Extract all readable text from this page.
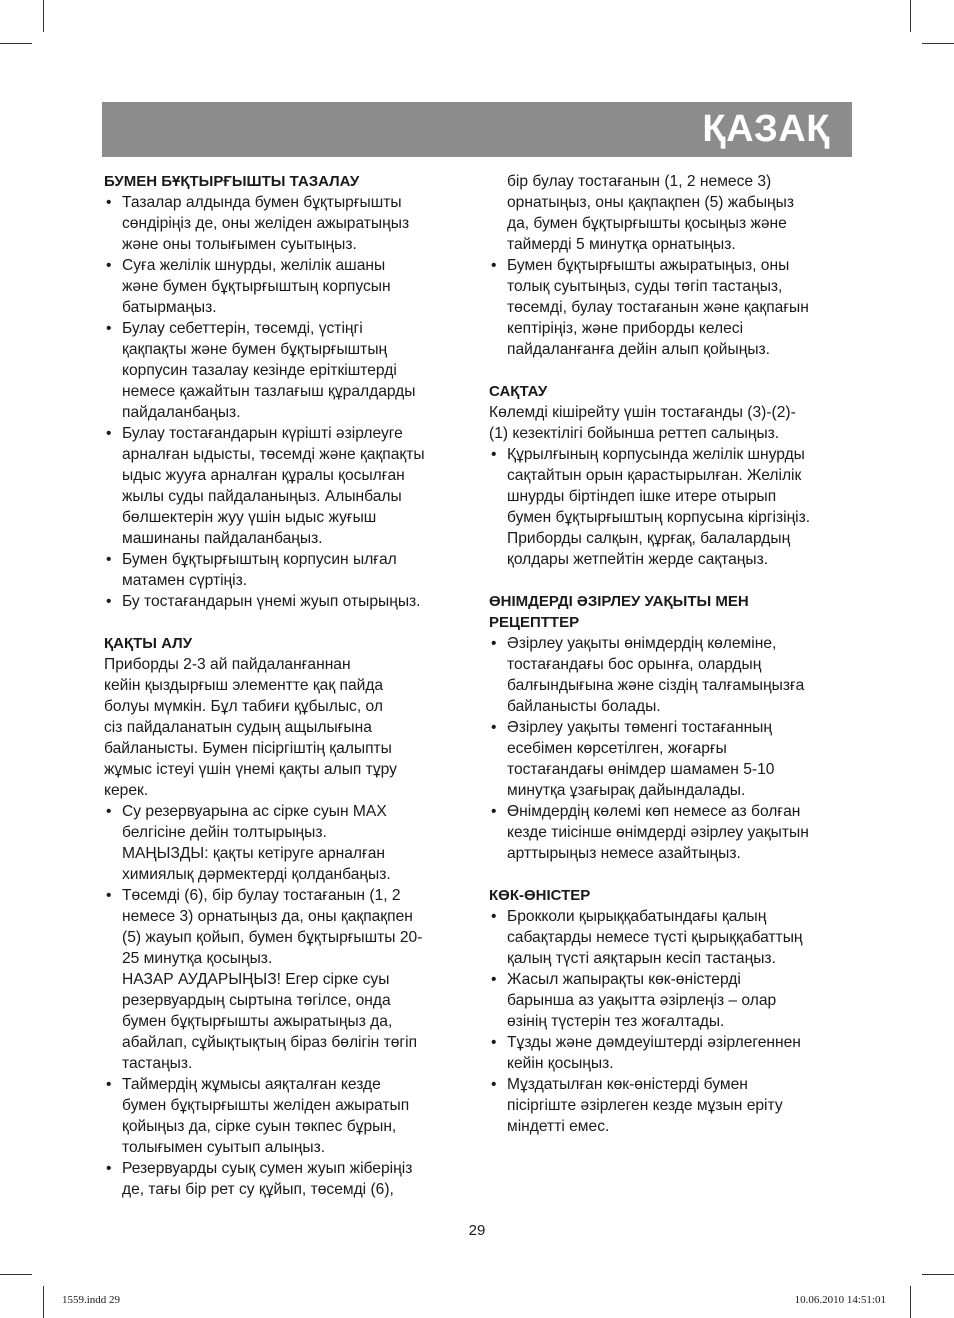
ҚАЗАҚ

БУМЕН БҰҚТЫРҒЫШТЫ ТАЗАЛАУ

• Тазалар алдында бумен бұқтырғышты
сөндіріңіз де, оны желіден ажыратыңыз
және оны толығымен суытыңыз.
• Суға желілік шнурды, желілік ашаны
және бумен бұқтырғыштың корпусын
батырмаңыз.
• Булау себеттерін, төсемді, үстіңгі
қақпақты және бумен бұқтырғыштың
корпусин тазалау кезінде еріткіштерді
немесе қажайтын тазлағыш құралдарды
пайдаланбаңыз.
• Булау тостағандарын күрішті әзірлеуге
арналған ыдысты, төсемді және қақпақты
ыдыс жууға арналған құралы қосылған
жылы суды пайдаланыңыз. Алынбалы
бөлшектерін жуу үшін ыдыс жуғыш
машинаны пайдаланбаңыз.
• Бумен бұқтырғыштың корпусин ылғал
матамен сүртіңіз.
• Бу тостағандарын үнемі жуып отырыңыз.

ҚАҚТЫ АЛУ

Приборды 2-3 ай пайдаланғаннан
кейін қыздырғыш элементте қақ пайда
болуы мүмкін. Бұл табиғи құбылыс, ол
сіз пайдаланатын судың ащылығына
байланысты. Бумен пісіргіштің қалыпты
жұмыс істеуі үшін үнемі қақты алып тұру
керек.
• Су резервуарына ас сірке суын MAX
белгісіне дейін толтырыңыз.
МАҢЫЗДЫ: қақты кетіруге арналған
химиялық дәрмектерді қолданбаңыз.
• Төсемді (6), бір булау тостағанын (1, 2
немесе 3) орнатыңыз да, оны қақпақпен
(5) жауып қойып, бумен бұқтырғышты 20-
25 минутқа қосыңыз.
НАЗАР АУДАРЫҢЫЗ! Егер сірке суы
резервуардың сыртына төгілсе, онда
бумен бұқтырғышты ажыратыңыз да,
абайлап, сұйықтықтың біраз бөлігін төгіп
тастаңыз.
• Таймердің жұмысы аяқталған кезде
бумен бұқтырғышты желіден ажыратып
қойыңыз да, сірке суын төкпес бұрын,
толығымен суытып алыңыз.
• Резервуарды суық сумен жуып жіберіңіз
де, тағы бір рет су құйып, төсемді (6),
бір булау тостағанын (1, 2 немесе 3)
орнатыңыз, оны қақпақпен (5) жабыңыз
да, бумен бұқтырғышты қосыңыз және
таймерді 5 минутқа орнатыңыз.
• Бумен бұқтырғышты ажыратыңыз, оны
толық суытыңыз, суды төгіп тастаңыз,
төсемді, булау тостағанын және қақпағын
кептіріңіз, және приборды келесі
пайдаланғанға дейін алып қойыңыз.

САҚТАУ

Көлемді кішірейту үшін тостағанды (3)-(2)-
(1) кезектілігі бойынша реттеп салыңыз.
• Құрылғының корпусында желілік шнурды
сақтайтын орын қарастырылған. Желілік
шнурды біртіндеп ішке итере отырып
бумен бұқтырғыштың корпусына кіргізіңіз.
Приборды салқын, құрғақ, балалардың
қолдары жетпейтін жерде сақтаңыз.

ӨНІМДЕРДІ ӘЗІРЛЕУ УАҚЫТЫ МЕН
РЕЦЕПТТЕР

• Әзірлеу уақыты өнімдердің көлеміне,
тостағандағы бос орынға, олардың
балғындығына және сіздің талғамыңызға
байланысты болады.
• Әзірлеу уақыты төменгі тостағанның
есебімен көрсетілген, жоғарғы
тостағандағы өнімдер шамамен 5-10
минутқа ұзағырақ дайындалады.
• Өнімдердің көлемі көп немесе аз болған
кезде тиісінше өнімдерді әзірлеу уақытын
арттырыңыз немесе азайтыңыз.

КӨК-ӨНІСТЕР

• Брокколи қырыққабатындағы қалың
сабақтарды немесе түсті қырыққабаттың
қалың түсті аяқтарын кесіп тастаңыз.
• Жасыл жапырақты көк-өністерді
барынша аз уақытта әзірлеңіз – олар
өзінің түстерін тез жоғалтады.
• Тұзды және дәмдеуіштерді әзірлегеннен
кейін қосыңыз.
• Мұздатылған көк-өністерді бумен
пісіргіште әзірлеген кезде мұзын еріту
міндетті емес.
29
1559.indd 29	10.06.2010 14:51:01
